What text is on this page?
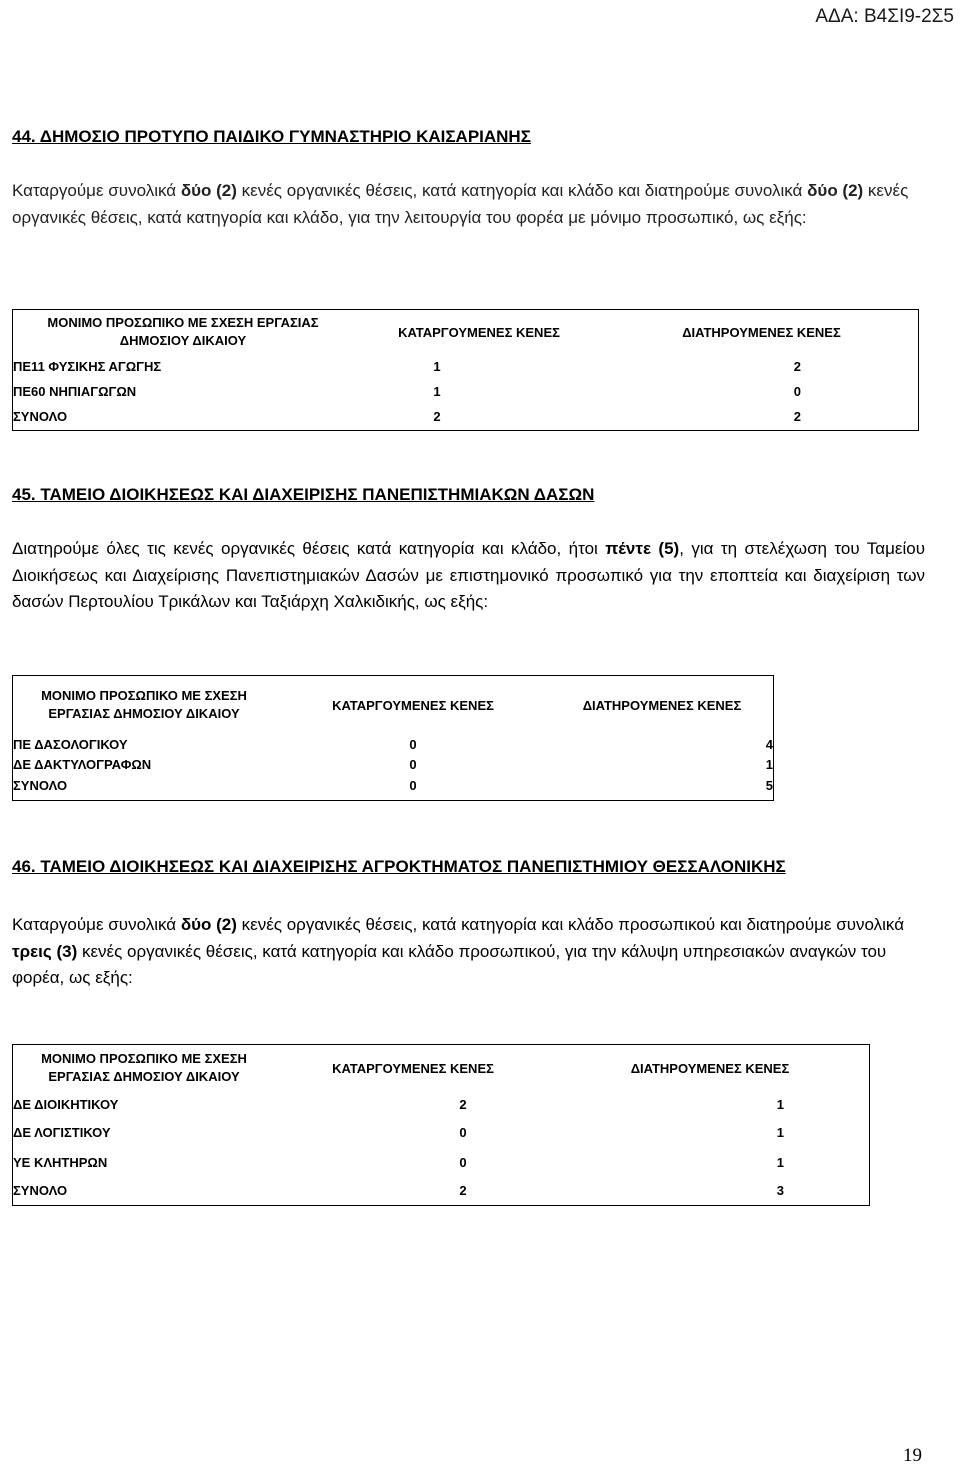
ΑΔΑ: Β4ΣΙ9-2Σ5
44. ΔΗΜΟΣΙΟ ΠΡΟΤΥΠΟ ΠΑΙΔΙΚΟ ΓΥΜΝΑΣΤΗΡΙΟ ΚΑΙΣΑΡΙΑΝΗΣ
Καταργούμε συνολικά δύο (2) κενές οργανικές θέσεις, κατά κατηγορία και κλάδο και διατηρούμε συνολικά δύο (2) κενές οργανικές θέσεις, κατά κατηγορία και κλάδο, για την λειτουργία του φορέα με μόνιμο προσωπικό, ως εξής:
ΜΟΝΙΜΟ ΠΡΟΣΩΠΙΚΟ ΜΕ ΣΧΕΣΗ ΕΡΓΑΣΙΑΣ
ΔΗΜΟΣΙΟΥ ΔΙΚΑΙΟΥ
ΚΑΤΑΡΓΟΥΜΕΝΕΣ ΚΕΝΕΣ	ΔΙΑΤΗΡΟΥΜΕΝΕΣ ΚΕΝΕΣ
ΠΕ11 ΦΥΣΙΚΗΣ ΑΓΩΓΗΣ	1	2
ΠΕ60 ΝΗΠΙΑΓΩΓΩΝ	1	0
ΣΥΝΟΛΟ	2	2
45. ΤΑΜΕΙΟ ΔΙΟΙΚΗΣΕΩΣ ΚΑΙ ΔΙΑΧΕΙΡΙΣΗΣ ΠΑΝΕΠΙΣΤΗΜΙΑΚΩΝ ΔΑΣΩΝ
Διατηρούμε όλες τις κενές οργανικές θέσεις κατά κατηγορία και κλάδο, ήτοι πέντε (5), για τη στελέχωση του Ταμείου Διοικήσεως και Διαχείρισης Πανεπιστημιακών Δασών με επιστημονικό προσωπικό για την εποπτεία και διαχείριση των δασών Περτουλίου Τρικάλων και Ταξιάρχη Χαλκιδικής, ως εξής:
ΜΟΝΙΜΟ ΠΡΟΣΩΠΙΚΟ ΜΕ ΣΧΕΣΗ
ΕΡΓΑΣΙΑΣ ΔΗΜΟΣΙΟΥ ΔΙΚΑΙΟΥ
ΚΑΤΑΡΓΟΥΜΕΝΕΣ ΚΕΝΕΣ	ΔΙΑΤΗΡΟΥΜΕΝΕΣ ΚΕΝΕΣ
ΠΕ ΔΑΣΟΛΟΓΙΚΟΥ	0	4
ΔΕ ΔΑΚΤΥΛΟΓΡΑΦΩΝ	0	1
ΣΥΝΟΛΟ	0	5
46. ΤΑΜΕΙΟ ΔΙΟΙΚΗΣΕΩΣ ΚΑΙ ΔΙΑΧΕΙΡΙΣΗΣ ΑΓΡΟΚΤΗΜΑΤΟΣ ΠΑΝΕΠΙΣΤΗΜΙΟΥ ΘΕΣΣΑΛΟΝΙΚΗΣ
Καταργούμε συνολικά δύο (2) κενές οργανικές θέσεις, κατά κατηγορία και κλάδο προσωπικού και διατηρούμε συνολικά τρεις (3) κενές οργανικές θέσεις, κατά κατηγορία και κλάδο προσωπικού, για την κάλυψη υπηρεσιακών αναγκών του φορέα, ως εξής:
ΜΟΝΙΜΟ ΠΡΟΣΩΠΙΚΟ ΜΕ ΣΧΕΣΗ
ΕΡΓΑΣΙΑΣ ΔΗΜΟΣΙΟΥ ΔΙΚΑΙΟΥ
ΚΑΤΑΡΓΟΥΜΕΝΕΣ ΚΕΝΕΣ	ΔΙΑΤΗΡΟΥΜΕΝΕΣ ΚΕΝΕΣ
ΔΕ ΔΙΟΙΚΗΤΙΚΟΥ	2	1
ΔΕ ΛΟΓΙΣΤΙΚΟΥ	0	1
ΥΕ ΚΛΗΤΗΡΩΝ	0	1
ΣΥΝΟΛΟ	2	3
19
